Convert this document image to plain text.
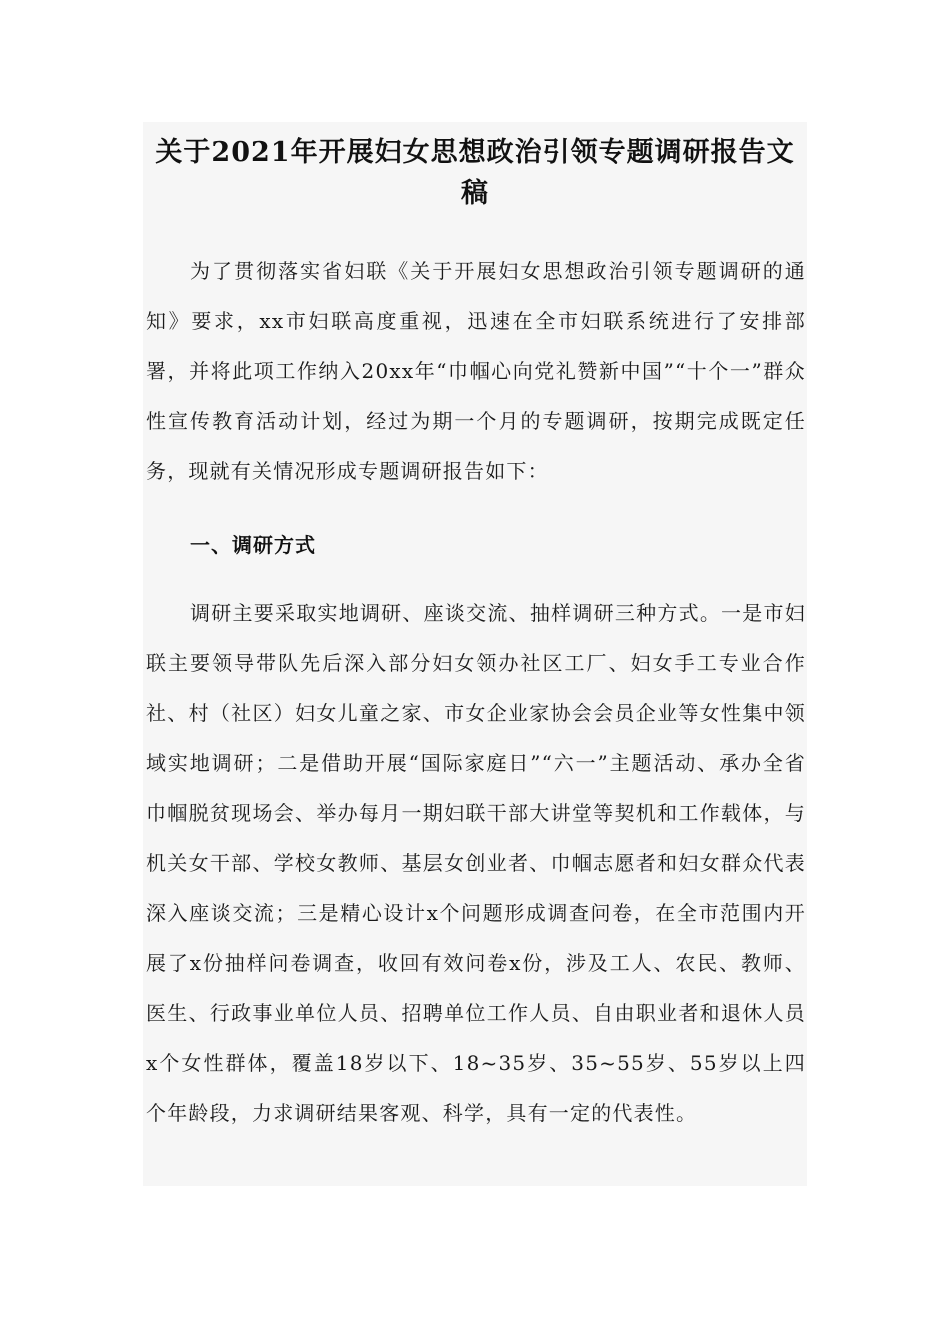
关于2021年开展妇女思想政治引领专题调研报告文稿

为了贯彻落实省妇联《关于开展妇女思想政治引领专题调研的通知》要求，xx市妇联高度重视，迅速在全市妇联系统进行了安排部署，并将此项工作纳入20xx年“巾帼心向党礼赞新中国”“十个一”群众性宣传教育活动计划，经过为期一个月的专题调研，按期完成既定任务，现就有关情况形成专题调研报告如下：

一、调研方式

调研主要采取实地调研、座谈交流、抽样调研三种方式。一是市妇联主要领导带队先后深入部分妇女领办社区工厂、妇女手工专业合作社、村（社区）妇女儿童之家、市女企业家协会会员企业等女性集中领域实地调研；二是借助开展“国际家庭日”“六一”主题活动、承办全省巾帼脱贫现场会、举办每月一期妇联干部大讲堂等契机和工作载体，与机关女干部、学校女教师、基层女创业者、巾帼志愿者和妇女群众代表深入座谈交流；三是精心设计x个问题形成调查问卷，在全市范围内开展了x份抽样问卷调查，收回有效问卷x份，涉及工人、农民、教师、医生、行政事业单位人员、招聘单位工作人员、自由职业者和退休人员x个女性群体，覆盖18岁以下、18~35岁、35~55岁、55岁以上四个年龄段，力求调研结果客观、科学，具有一定的代表性。
